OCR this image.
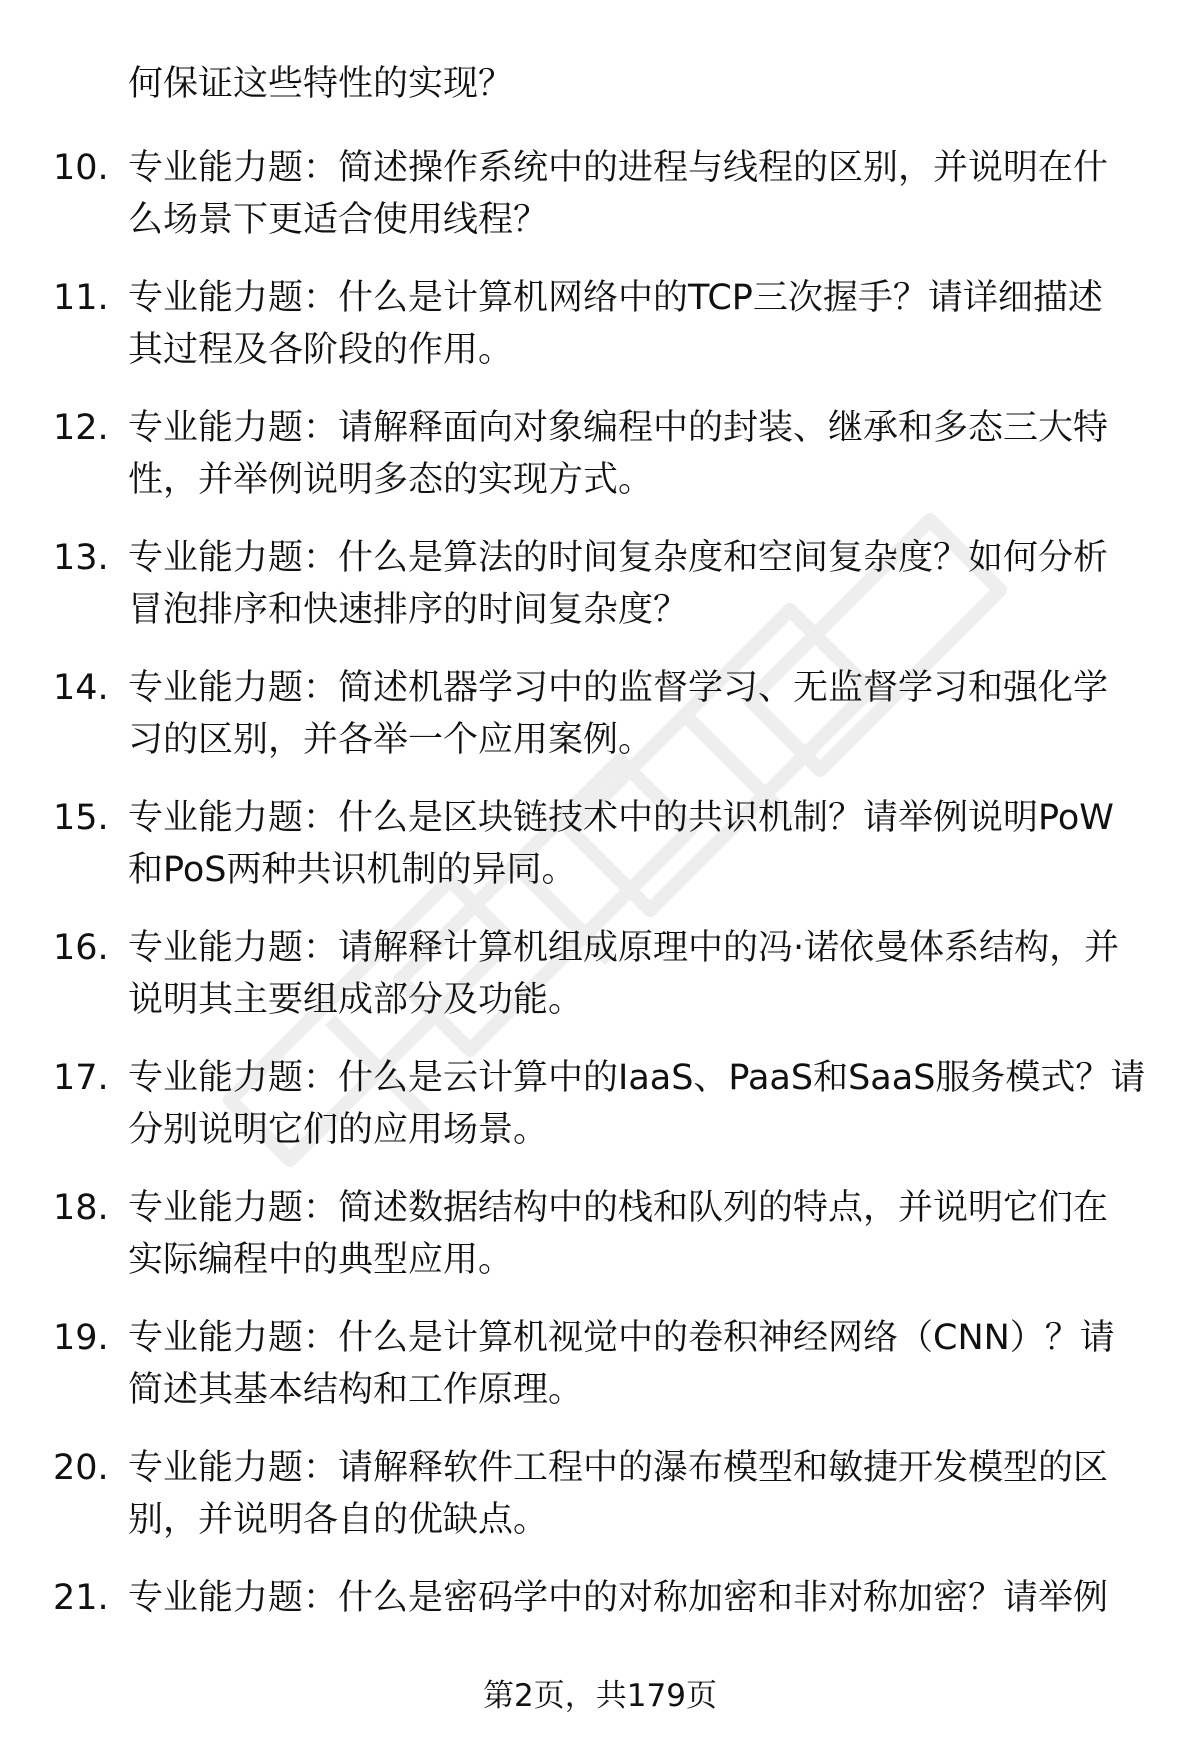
何保证这些特性的实现？
10. 专业能力题：简述操作系统中的进程与线程的区别，并说明在什
么场景下更适合使用线程？
11. 专业能力题：什么是计算机网络中的TCP三次握手？请详细描述
其过程及各阶段的作用。
12. 专业能力题：请解释面向对象编程中的封装、继承和多态三大特
性，并举例说明多态的实现方式。
13. 专业能力题：什么是算法的时间复杂度和空间复杂度？如何分析
冒泡排序和快速排序的时间复杂度？
14. 专业能力题：简述机器学习中的监督学习、无监督学习和强化学
习的区别，并各举一个应用案例。
15. 专业能力题：什么是区块链技术中的共识机制？请举例说明PoW
和PoS两种共识机制的异同。
16. 专业能力题：请解释计算机组成原理中的冯·诺依曼体系结构，并
说明其主要组成部分及功能。
17. 专业能力题：什么是云计算中的IaaS、PaaS和SaaS服务模式？请
分别说明它们的应用场景。
18. 专业能力题：简述数据结构中的栈和队列的特点，并说明它们在
实际编程中的典型应用。
19. 专业能力题：什么是计算机视觉中的卷积神经网络（CNN）？请
简述其基本结构和工作原理。
20. 专业能力题：请解释软件工程中的瀑布模型和敏捷开发模型的区
别，并说明各自的优缺点。
21. 专业能力题：什么是密码学中的对称加密和非对称加密？请举例
第2页，共179页
